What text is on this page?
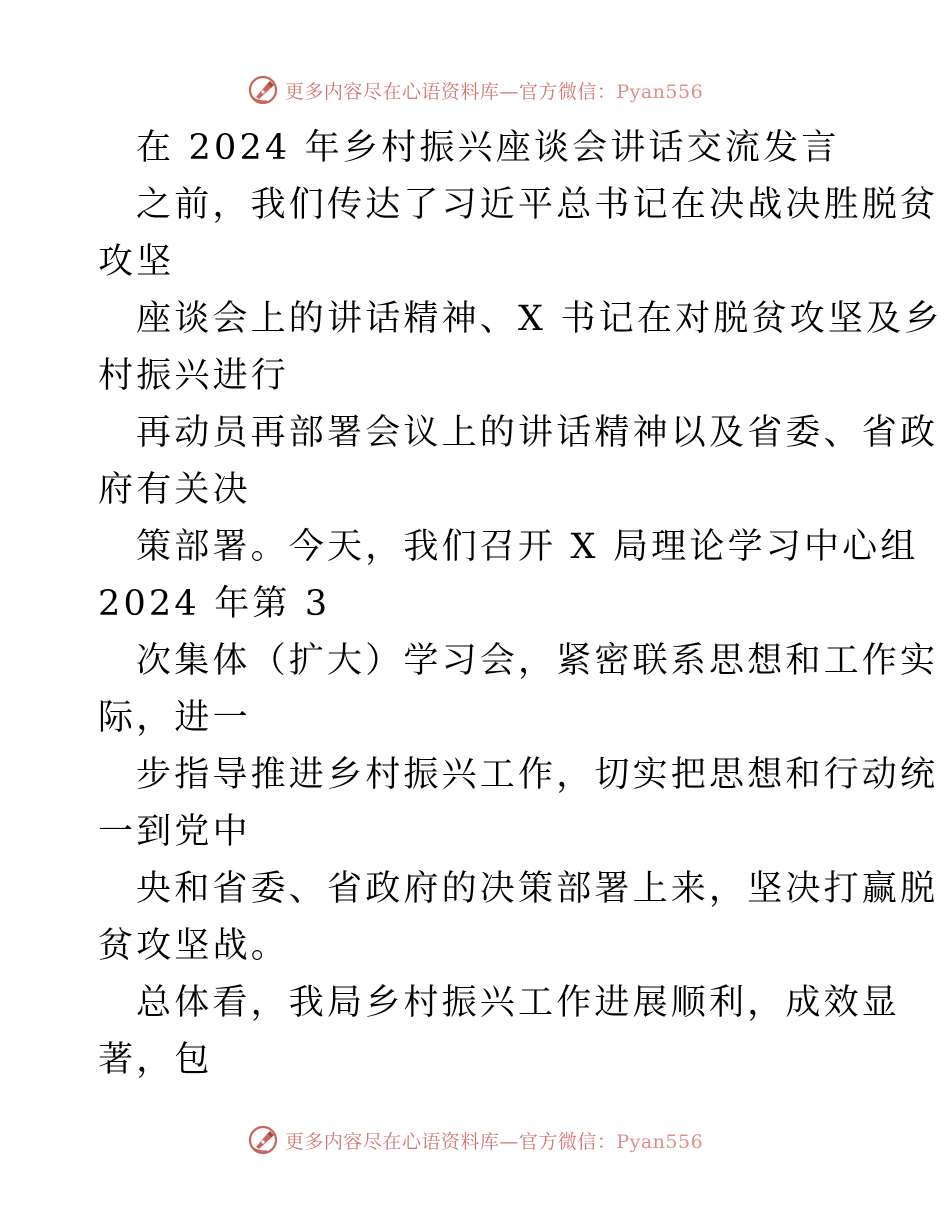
更多内容尽在心语资料库—官方微信：Pyan556
在 2024 年乡村振兴座谈会讲话交流发言
之前，我们传达了习近平总书记在决战决胜脱贫
攻坚
座谈会上的讲话精神、X 书记在对脱贫攻坚及乡
村振兴进行
再动员再部署会议上的讲话精神以及省委、省政
府有关决
策部署。今天，我们召开 X 局理论学习中心组
2024 年第 3
次集体（扩大）学习会，紧密联系思想和工作实
际，进一
步指导推进乡村振兴工作，切实把思想和行动统
一到党中
央和省委、省政府的决策部署上来，坚决打赢脱
贫攻坚战。
总体看，我局乡村振兴工作进展顺利，成效显
著，包
更多内容尽在心语资料库—官方微信：Pyan556
